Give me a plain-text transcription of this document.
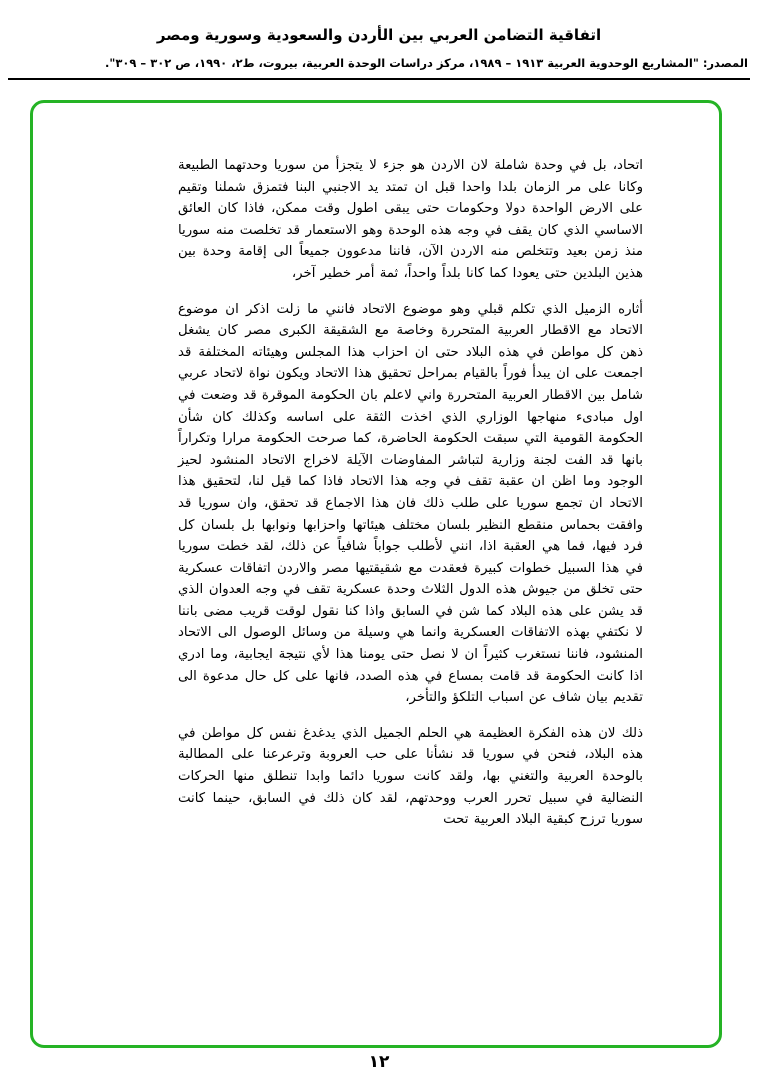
اتفاقية التضامن العربي بين الأردن والسعودية وسورية ومصر
المصدر: "المشاريع الوحدوية العربية ١٩١٣ – ١٩٨٩، مركز دراسات الوحدة العربية، بيروت، ط٢، ١٩٩٠، ص ٣٠٢ – ٣٠٩".

اتحاد، بل في وحدة شاملة لان الاردن هو جزء لا يتجزأ من سوريا وحدتهما الطبيعة وكانا على مر الزمان بلدا واحدا قبل ان تمتد يد الاجنبي البنا فتمزق شملنا وتقيم على الارض الواحدة دولا وحكومات حتى يبقى اطول وقت ممكن، فاذا كان العائق الاساسي الذي كان يقف في وجه هذه الوحدة وهو الاستعمار قد تخلصت منه سوريا منذ زمن بعيد وتتخلص منه الاردن الآن، فاننا مدعوون جميعاً الى إقامة وحدة بين هذين البلدين حتى يعودا كما كانا بلداً واحداً، ثمة أمر خطير آخر،

أثاره الزميل الذي تكلم قبلي وهو موضوع الاتحاد فانني ما زلت اذكر ان موضوع الاتحاد مع الاقطار العربية المتحررة وخاصة مع الشقيقة الكبرى مصر كان يشغل ذهن كل مواطن في هذه البلاد حتى ان احزاب هذا المجلس وهيئاته المختلفة قد اجمعت على ان يبدأ فوراً بالقيام بمراحل تحقيق هذا الاتحاد ويكون نواة لاتحاد عربي شامل بين الاقطار العربية المتحررة واني لاعلم بان الحكومة الموقرة قد وضعت في اول مبادىء منهاجها الوزاري الذي اخذت الثقة على اساسه وكذلك كان شأن الحكومة القومية التي سبقت الحكومة الحاضرة، كما صرحت الحكومة مرارا وتكراراً بانها قد الفت لجنة وزارية لتباشر المفاوضات الآيلة لاخراج الاتحاد المنشود لحيز الوجود وما اظن ان عقبة تقف في وجه هذا الاتحاد فاذا كما قيل لنا، لتحقيق هذا الاتحاد ان تجمع سوريا على طلب ذلك فان هذا الاجماع قد تحقق، وان سوريا قد وافقت بحماس منقطع النظير بلسان مختلف هيئاتها واحزابها ونوابها بل بلسان كل فرد فيها، فما هي العقبة اذا، انني لأطلب جواباً شافياً عن ذلك، لقد خطت سوريا في هذا السبيل خطوات كبيرة فعقدت مع شقيقتيها مصر والاردن اتفاقات عسكرية حتى تخلق من جيوش هذه الدول الثلاث وحدة عسكرية تقف في وجه العدوان الذي قد يشن على هذه البلاد كما شن في السابق واذا كنا نقول لوقت قريب مضى باننا لا نكتفي بهذه الاتفاقات العسكرية وانما هي وسيلة من وسائل الوصول الى الاتحاد المنشود، فاننا نستغرب كثيراً ان لا نصل حتى يومنا هذا لأي نتيجة ايجابية، وما ادري اذا كانت الحكومة قد قامت بمساع في هذه الصدد، فانها على كل حال مدعوة الى تقديم بيان شاف عن اسباب التلكؤ والتأخر،

ذلك لان هذه الفكرة العظيمة هي الحلم الجميل الذي يدغدغ نفس كل مواطن في هذه البلاد، فنحن في سوريا قد نشأنا على حب العروبة وترعرعنا على المطالبة بالوحدة العربية والتغني بها، ولقد كانت سوريا دائما وابدا تنطلق منها الحركات النضالية في سبيل تحرر العرب ووحدتهم، لقد كان ذلك في السابق، حينما كانت سوريا ترزح كبقية البلاد العربية تحت

١٢
